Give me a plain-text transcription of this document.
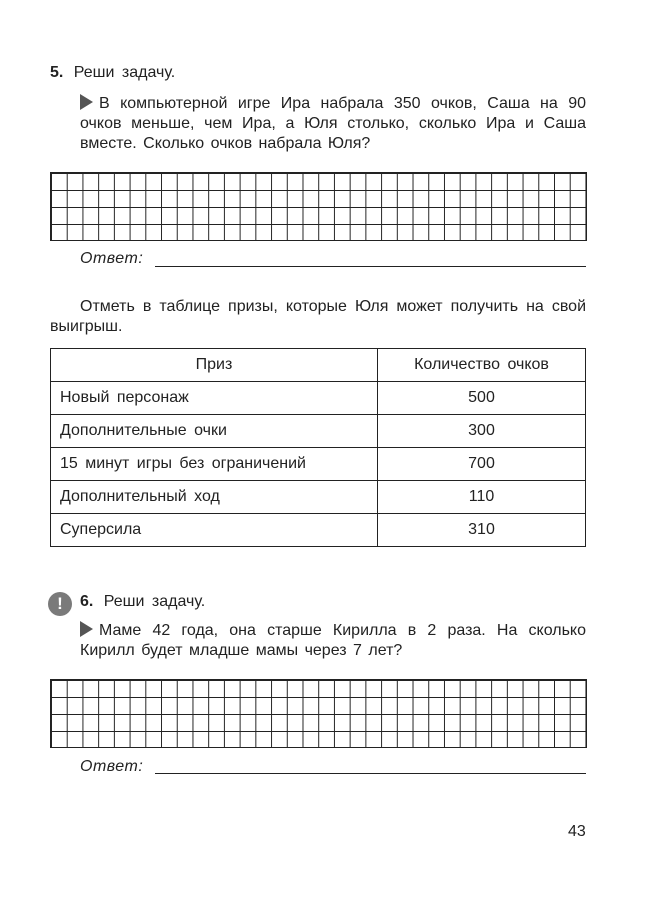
5. Реши задачу.
В компьютерной игре Ира набрала 350 очков, Саша на 90 очков меньше, чем Ира, а Юля столько, сколько Ира и Саша вместе. Сколько очков набрала Юля?
Ответ:
Отметь в таблице призы, которые Юля может получить на свой выигрыш.
Приз	Количество очков
Новый персонаж	500
Дополнительные очки	300
15 минут игры без ограничений	700
Дополнительный ход	110
Суперсила	310
!	6. Реши задачу.
Маме 42 года, она старше Кирилла в 2 раза. На сколько Кирилл будет младше мамы через 7 лет?
Ответ:
43
